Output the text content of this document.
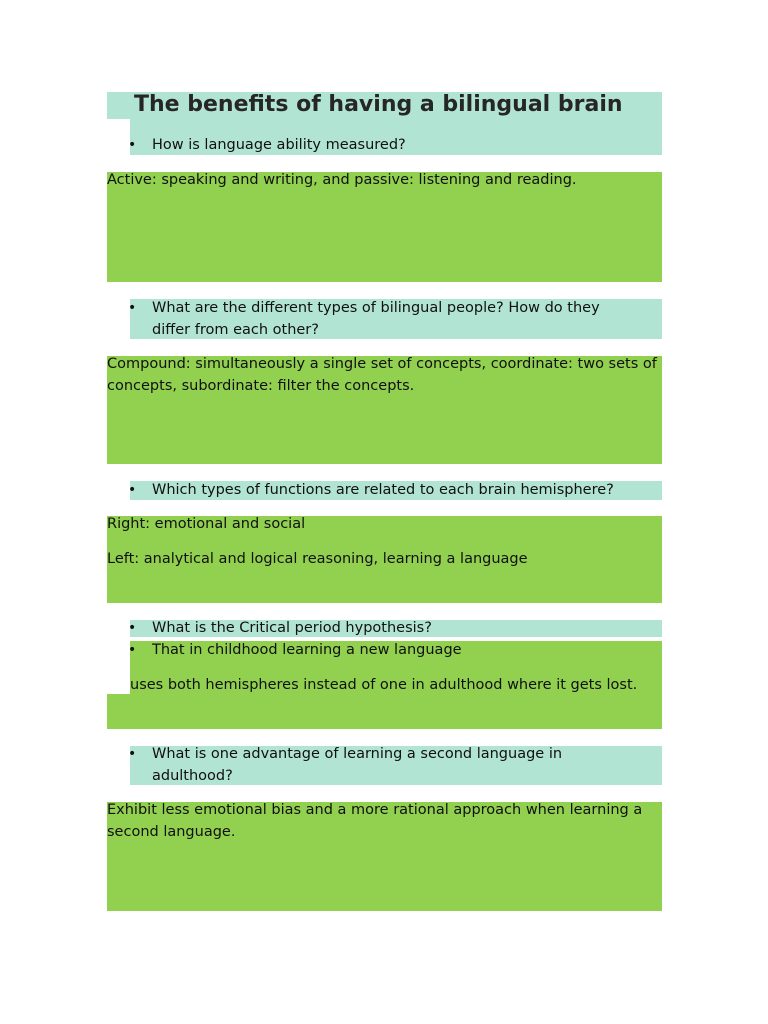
The benefits of having a bilingual brain
• How is language ability measured?
Active: speaking and writing, and passive: listening and reading.
• What are the different types of bilingual people? How do they differ from each other?
Compound: simultaneously a single set of concepts, coordinate: two sets of concepts, subordinate: filter the concepts.
• Which types of functions are related to each brain hemisphere?
Right: emotional and social
Left: analytical and logical reasoning, learning a language
• What is the Critical period hypothesis?
• That in childhood learning a new language
uses both hemispheres instead of one in adulthood where it gets lost.
• What is one advantage of learning a second language in adulthood?
Exhibit less emotional bias and a more rational approach when learning a second language.
